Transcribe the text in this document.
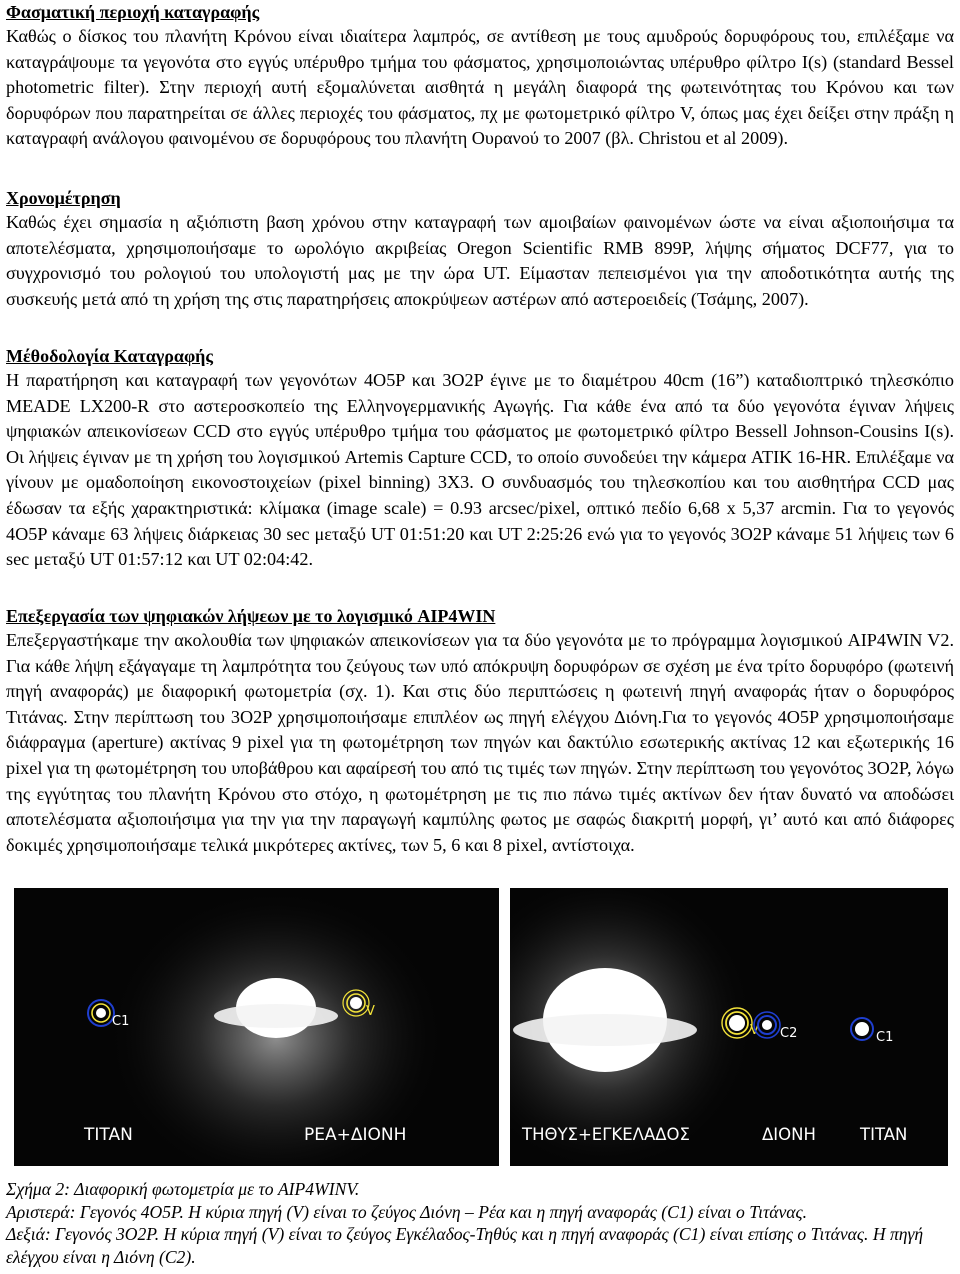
Φασματική περιοχή καταγραφής

Καθώς ο δίσκος του πλανήτη Κρόνου είναι ιδιαίτερα λαμπρός, σε αντίθεση με τους αμυδρούς δορυφόρους του, επιλέξαμε να καταγράψουμε τα γεγονότα στο εγγύς υπέρυθρο τμήμα του φάσματος, χρησιμοποιώντας υπέρυθρο φίλτρο I(s) (standard Bessel photometric filter). Στην περιοχή αυτή εξομαλύνεται αισθητά η μεγάλη διαφορά της φωτεινότητας του Κρόνου και των δορυφόρων που παρατηρείται σε άλλες περιοχές του φάσματος, πχ με φωτομετρικό φίλτρο V, όπως μας έχει δείξει στην πράξη η καταγραφή ανάλογου φαινομένου σε δορυφόρους του πλανήτη Ουρανού το 2007 (βλ. Christou et al 2009).

Χρονομέτρηση

Καθώς έχει σημασία η αξιόπιστη βαση χρόνου στην καταγραφή των αμοιβαίων φαινομένων ώστε να είναι αξιοποιήσιμα τα αποτελέσματα, χρησιμοποιήσαμε το ωρολόγιο ακριβείας Oregon Scientific RMB 899P, λήψης σήματος DCF77, για το συγχρονισμό του ρολογιού του υπολογιστή μας με την ώρα UT. Είμασταν πεπεισμένοι για την αποδοτικότητα αυτής της συσκευής μετά από τη χρήση της στις παρατηρήσεις αποκρύψεων αστέρων από αστεροειδείς (Τσάμης, 2007).

Μέθοδολογία Καταγραφής

Η παρατήρηση και καταγραφή των γεγονότων 4O5P και 3O2P έγινε με το διαμέτρου 40cm (16”) καταδιοπτρικό τηλεσκόπιο MEADE LX200-R στο αστεροσκοπείο της Ελληνογερμανικής Αγωγής. Για κάθε ένα από τα δύο γεγονότα έγιναν λήψεις ψηφιακών απεικονίσεων CCD στο εγγύς υπέρυθρο τμήμα του φάσματος με φωτομετρικό φίλτρο Bessell Johnson-Cousins I(s). Οι λήψεις έγιναν με τη χρήση του λογισμικού Artemis Capture CCD, το οποίο συνοδεύει την κάμερα ATIK 16-HR. Επιλέξαμε να γίνουν με ομαδοποίηση εικονοστοιχείων (pixel binning) 3X3. Ο συνδυασμός του τηλεσκοπίου και του αισθητήρα CCD μας έδωσαν τα εξής χαρακτηριστικά: κλίμακα (image scale) = 0.93 arcsec/pixel, οπτικό πεδίο 6,68 x 5,37 arcmin. Για το γεγονός 4O5P κάναμε 63 λήψεις διάρκειας 30 sec μεταξύ UT 01:51:20 και UT 2:25:26 ενώ για το γεγονός 3O2P κάναμε 51 λήψεις των 6 sec μεταξύ UT 01:57:12 και UT 02:04:42.

Επεξεργασία των ψηφιακών λήψεων με το λογισμικό AIP4WIN

Επεξεργαστήκαμε την ακολουθία των ψηφιακών απεικονίσεων για τα δύο γεγονότα με το πρόγραμμα λογισμικού AIP4WIN V2. Για κάθε λήψη εξάγαγαμε τη λαμπρότητα του ζεύγους των υπό απόκρυψη δορυφόρων σε σχέση με ένα τρίτο δορυφόρο (φωτεινή πηγή αναφοράς) με διαφορική φωτομετρία (σχ. 1). Και στις δύο περιπτώσεις η φωτεινή πηγή αναφοράς ήταν ο δορυφόρος Τιτάνας. Στην περίπτωση του 3O2P χρησιμοποιήσαμε επιπλέον ως πηγή ελέγχου Διόνη.Για το γεγονός 4O5P χρησιμοποιήσαμε διάφραγμα (aperture) ακτίνας 9 pixel για τη φωτομέτρηση των πηγών και δακτύλιο εσωτερικής ακτίνας 12 και εξωτερικής 16 pixel για τη φωτομέτρηση του υποβάθρου και αφαίρεσή του από τις τιμές των πηγών. Στην περίπτωση του γεγονότος 3O2P, λόγω της εγγύτητας του πλανήτη Κρόνου στο στόχο, η φωτομέτρηση με τις πιο πάνω τιμές ακτίνων δεν ήταν δυνατό να αποδώσει αποτελέσματα αξιοποιήσιμα για την για την παραγωγή καμπύλης φωτος με σαφώς διακριτή μορφή, γι’ αυτό και από διάφορες δοκιμές χρησιμοποιήσαμε τελικά μικρότερες ακτίνες, των 5, 6 και 8 pixel, αντίστοιχα.

C1
V
TITAN	ΡΕΑ+ΔΙΟΝΗ
V C2	C1
ΤΗΘΥΣ+ΕΓΚΕΛΑΔΟΣ	ΔΙΟΝΗ	TITAN

Σχήμα 2: Διαφορική φωτομετρία με το AIP4WINV.

Αριστερά: Γεγονός 4O5P. Η κύρια πηγή (V) είναι το ζεύγος Διόνη – Ρέα και η πηγή αναφοράς (C1) είναι ο Τιτάνας.

Δεξιά: Γεγονός 3O2P. Η κύρια πηγή (V) είναι το ζεύγος Εγκέλαδος-Τηθύς και η πηγή αναφοράς (C1) είναι επίσης ο Τιτάνας. Η πηγή ελέγχου είναι η Διόνη (C2).
